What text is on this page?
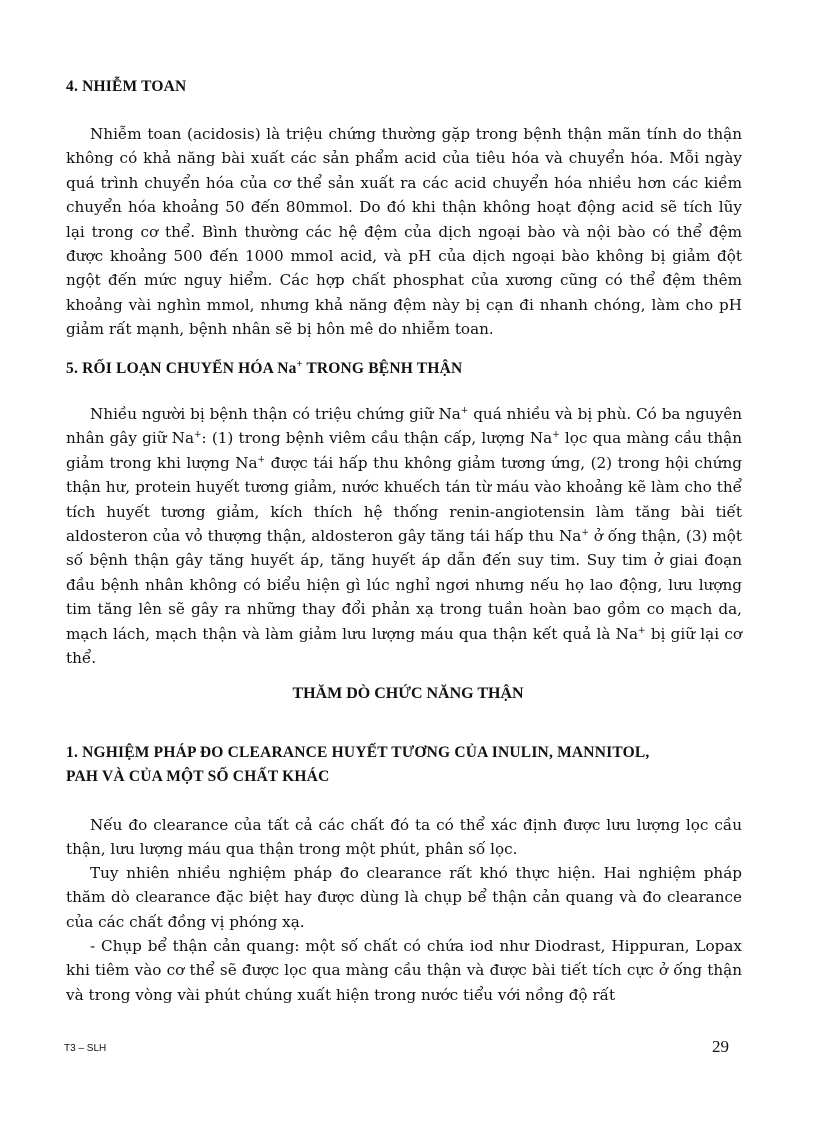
4. NHIỄM TOAN

Nhiễm toan (acidosis) là triệu chứng thường gặp trong bệnh thận mãn tính do thận không có khả năng bài xuất các sản phẩm acid của tiêu hóa và chuyển hóa. Mỗi ngày quá trình chuyển hóa của cơ thể sản xuất ra các acid chuyển hóa nhiều hơn các kiềm chuyển hóa khoảng 50 đến 80mmol. Do đó khi thận không hoạt động acid sẽ tích lũy lại trong cơ thể. Bình thường các hệ đệm của dịch ngoại bào và nội bào có thể đệm được khoảng 500 đến 1000 mmol acid, và pH của dịch ngoại bào không bị giảm đột ngột đến mức nguy hiểm. Các hợp chất phosphat của xương cũng có thể đệm thêm khoảng vài nghìn mmol, nhưng khả năng đệm này bị cạn đi nhanh chóng, làm cho pH giảm rất mạnh, bệnh nhân sẽ bị hôn mê do nhiễm toan.

5. RỐI LOẠN CHUYỂN HÓA Na+ TRONG BỆNH THẬN

Nhiều người bị bệnh thận có triệu chứng giữ Na+ quá nhiều và bị phù. Có ba nguyên nhân gây giữ Na+: (1) trong bệnh viêm cầu thận cấp, lượng Na+ lọc qua màng cầu thận giảm trong khi lượng Na+ được tái hấp thu không giảm tương ứng, (2) trong hội chứng thận hư, protein huyết tương giảm, nước khuếch tán từ máu vào khoảng kẽ làm cho thể tích huyết tương giảm, kích thích hệ thống renin-angiotensin làm tăng bài tiết aldosteron của vỏ thượng thận, aldosteron gây tăng tái hấp thu Na+ ở ống thận, (3) một số bệnh thận gây tăng huyết áp, tăng huyết áp dẫn đến suy tim. Suy tim ở giai đoạn đầu bệnh nhân không có biểu hiện gì lúc nghỉ ngơi nhưng nếu họ lao động, lưu lượng tim tăng lên sẽ gây ra những thay đổi phản xạ trong tuần hoàn bao gồm co mạch da, mạch lách, mạch thận và làm giảm lưu lượng máu qua thận kết quả là Na+ bị giữ lại cơ thể.

THĂM DÒ CHỨC NĂNG THẬN
1. NGHIỆM PHÁP ĐO CLEARANCE HUYẾT TƯƠNG CỦA INULIN, MANNITOL,
PAH VÀ CỦA MỘT SỐ CHẤT KHÁC

Nếu đo clearance của tất cả các chất đó ta có thể xác định được lưu lượng lọc cầu thận, lưu lượng máu qua thận trong một phút, phân số lọc.

Tuy nhiên nhiều nghiệm pháp đo clearance rất khó thực hiện. Hai nghiệm pháp thăm dò clearance đặc biệt hay được dùng là chụp bể thận cản quang và đo clearance của các chất đồng vị phóng xạ.

- Chụp bể thận cản quang: một số chất có chứa iod như Diodrast, Hippuran, Lopax khi tiêm vào cơ thể sẽ được lọc qua màng cầu thận và được bài tiết tích cực ở ống thận và trong vòng vài phút chúng xuất hiện trong nước tiểu với nồng độ rất

T3 – SLH	29
